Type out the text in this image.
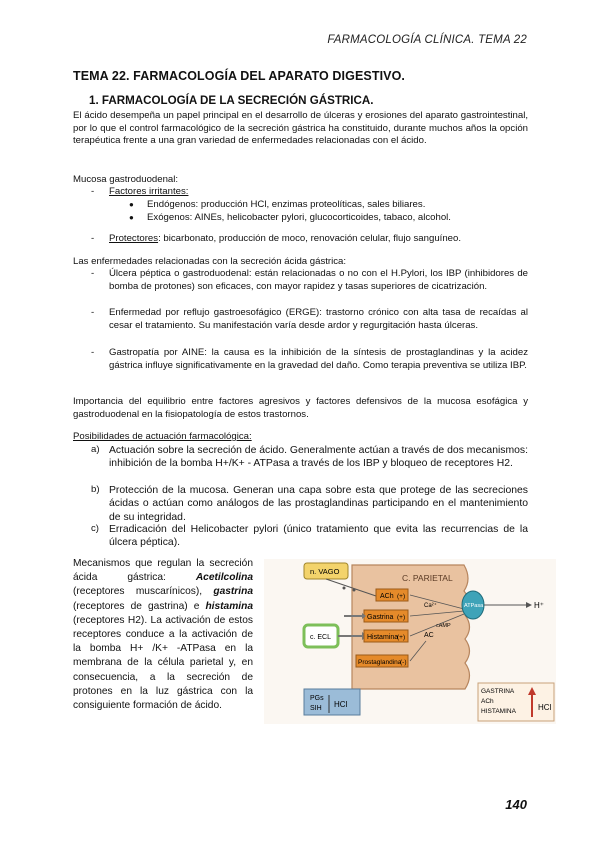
FARMACOLOGÍA CLÍNICA. TEMA 22
TEMA 22. FARMACOLOGÍA DEL APARATO DIGESTIVO.
1. FARMACOLOGÍA DE LA SECRECIÓN GÁSTRICA.
El ácido desempeña un papel principal en el desarrollo de úlceras y erosiones del aparato gastrointestinal, por lo que el control farmacológico de la secreción gástrica ha constituido, durante muchos años la opción terapéutica frente a una gran variedad de enfermedades relacionadas con el ácido.
Mucosa gastroduodenal:
- Factores irritantes:
● Endógenos: producción HCl, enzimas proteolíticas, sales biliares.
● Exógenos: AINEs, helicobacter pylori, glucocorticoides, tabaco, alcohol.
- Protectores: bicarbonato, producción de moco, renovación celular, flujo sanguíneo.
Las enfermedades relacionadas con la secreción ácida gástrica:
- Úlcera péptica o gastroduodenal: están relacionadas o no con el H.Pylori, los IBP (inhibidores de bomba de protones) son eficaces, con mayor rapidez y tasas superiores de cicatrización.
- Enfermedad por reflujo gastroesofágico (ERGE): trastorno crónico con alta tasa de recaídas al cesar el tratamiento. Su manifestación varía desde ardor y regurgitación hasta úlceras.
- Gastropatía por AINE: la causa es la inhibición de la síntesis de prostaglandinas y la acidez gástrica influye significativamente en la gravedad del daño. Como terapia preventiva se utiliza IBP.
Importancia del equilibrio entre factores agresivos y factores defensivos de la mucosa esofágica y gastroduodenal en la fisiopatología de estos trastornos.
Posibilidades de actuación farmacológica:
a) Actuación sobre la secreción de ácido. Generalmente actúan a través de dos mecanismos: inhibición de la bomba H+/K+ - ATPasa a través de los IBP y bloqueo de receptores H2.
b) Protección de la mucosa. Generan una capa sobre esta que protege de las secreciones ácidas o actúan como análogos de las prostaglandinas participando en el mantenimiento de su integridad.
c) Erradicación del Helicobacter pylori (único tratamiento que evita las recurrencias de la úlcera péptica).
Mecanismos que regulan la secreción ácida gástrica: Acetilcolina (receptores muscarínicos), gastrina (receptores de gastrina) e histamina (receptores H2). La activación de estos receptores conduce a la activación de la bomba H+ /K+ -ATPasa en la membrana de la célula parietal y, en consecuencia, a la secreción de protones en la luz gástrica con la consiguiente formación de ácido.
C. PARIETAL
n. VAGO
ACh (+)
Gastrina (+)
c. ECL	Histamina
(+)
Prostaglandina
(-)
Ca²⁺
AC
cAMP
ATPasa	H⁺
PGs
SIH HCl
GASTRINA
ACh
HISTAMINA	HCl
140
